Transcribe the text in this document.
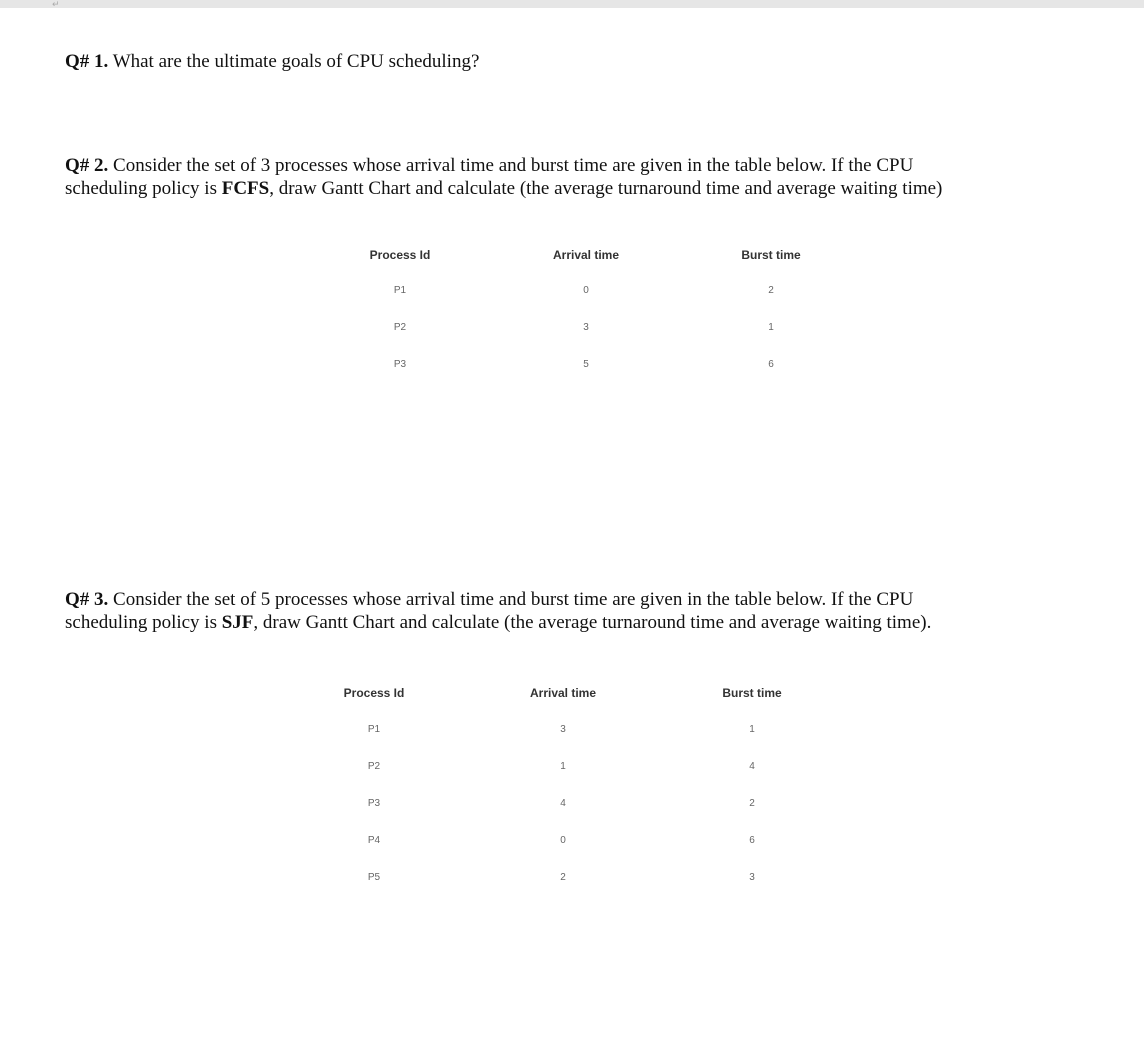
↵
Q# 1. What are the ultimate goals of CPU scheduling?
Q# 2. Consider the set of 3 processes whose arrival time and burst time are given in the table below. If the CPU
scheduling policy is FCFS, draw Gantt Chart and calculate (the average turnaround time and average waiting time)
Process Id	Arrival time	Burst time
P1	0	2
P2	3	1
P3	5	6
Q# 3. Consider the set of 5 processes whose arrival time and burst time are given in the table below. If the CPU
scheduling policy is SJF, draw Gantt Chart and calculate (the average turnaround time and average waiting time).
Process Id	Arrival time	Burst time
P1	3	1
P2	1	4
P3	4	2
P4	0	6
P5	2	3
